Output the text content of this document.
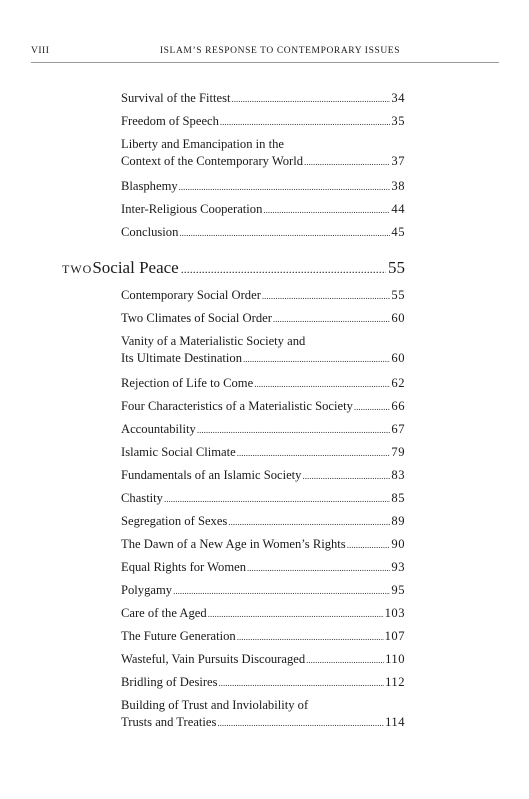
VIII	ISLAM’S RESPONSE TO CONTEMPORARY ISSUES
Survival of the Fittest .....	34
Freedom of Speech .....	35
Liberty and Emancipation in the
Context of the Contemporary World .....	37
Blasphemy .....	38
Inter-Religious Cooperation .....	44
Conclusion .....	45
TWO Social Peace .....	55
Contemporary Social Order .....	55
Two Climates of Social Order .....	60
Vanity of a Materialistic Society and
Its Ultimate Destination .....	60
Rejection of Life to Come .....	62
Four Characteristics of a Materialistic Society .....	66
Accountability .....	67
Islamic Social Climate .....	79
Fundamentals of an Islamic Society .....	83
Chastity .....	85
Segregation of Sexes .....	89
The Dawn of a New Age in Women’s Rights .....	90
Equal Rights for Women .....	93
Polygamy .....	95
Care of the Aged .....	103
The Future Generation .....	107
Wasteful, Vain Pursuits Discouraged .....	110
Bridling of Desires .....	112
Building of Trust and Inviolability of
Trusts and Treaties .....	114
